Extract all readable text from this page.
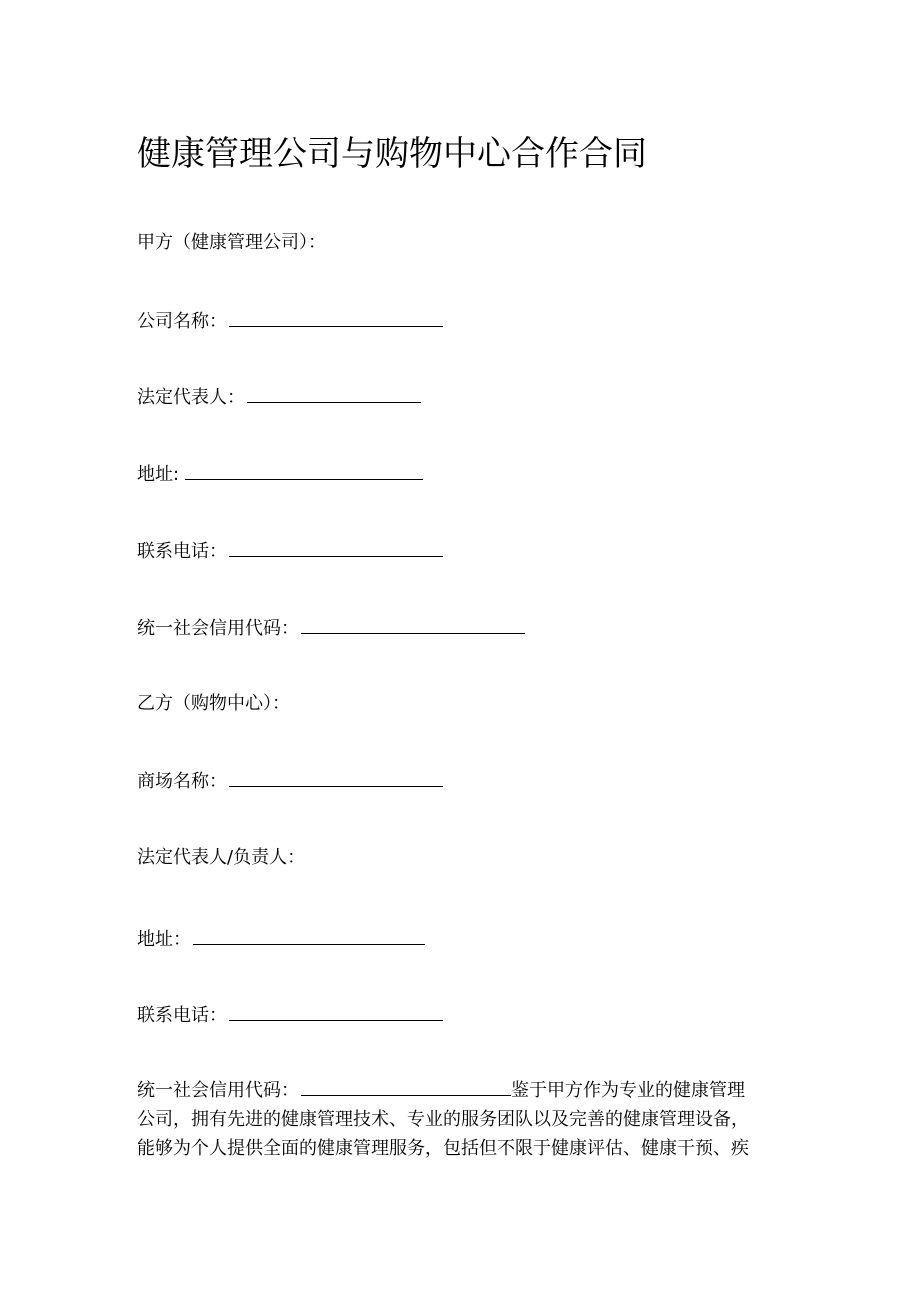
健康管理公司与购物中心合作合同
甲方（健康管理公司）：
公司名称：
法定代表人：
地址:
联系电话：
统一社会信用代码：
乙方（购物中心）：
商场名称：
法定代表人/负责人：
地址：
联系电话：
统一社会信用代码：	鉴于甲方作为专业的健康管理
公司，拥有先进的健康管理技术、专业的服务团队以及完善的健康管理设备，
能够为个人提供全面的健康管理服务，包括但不限于健康评估、健康干预、疾
